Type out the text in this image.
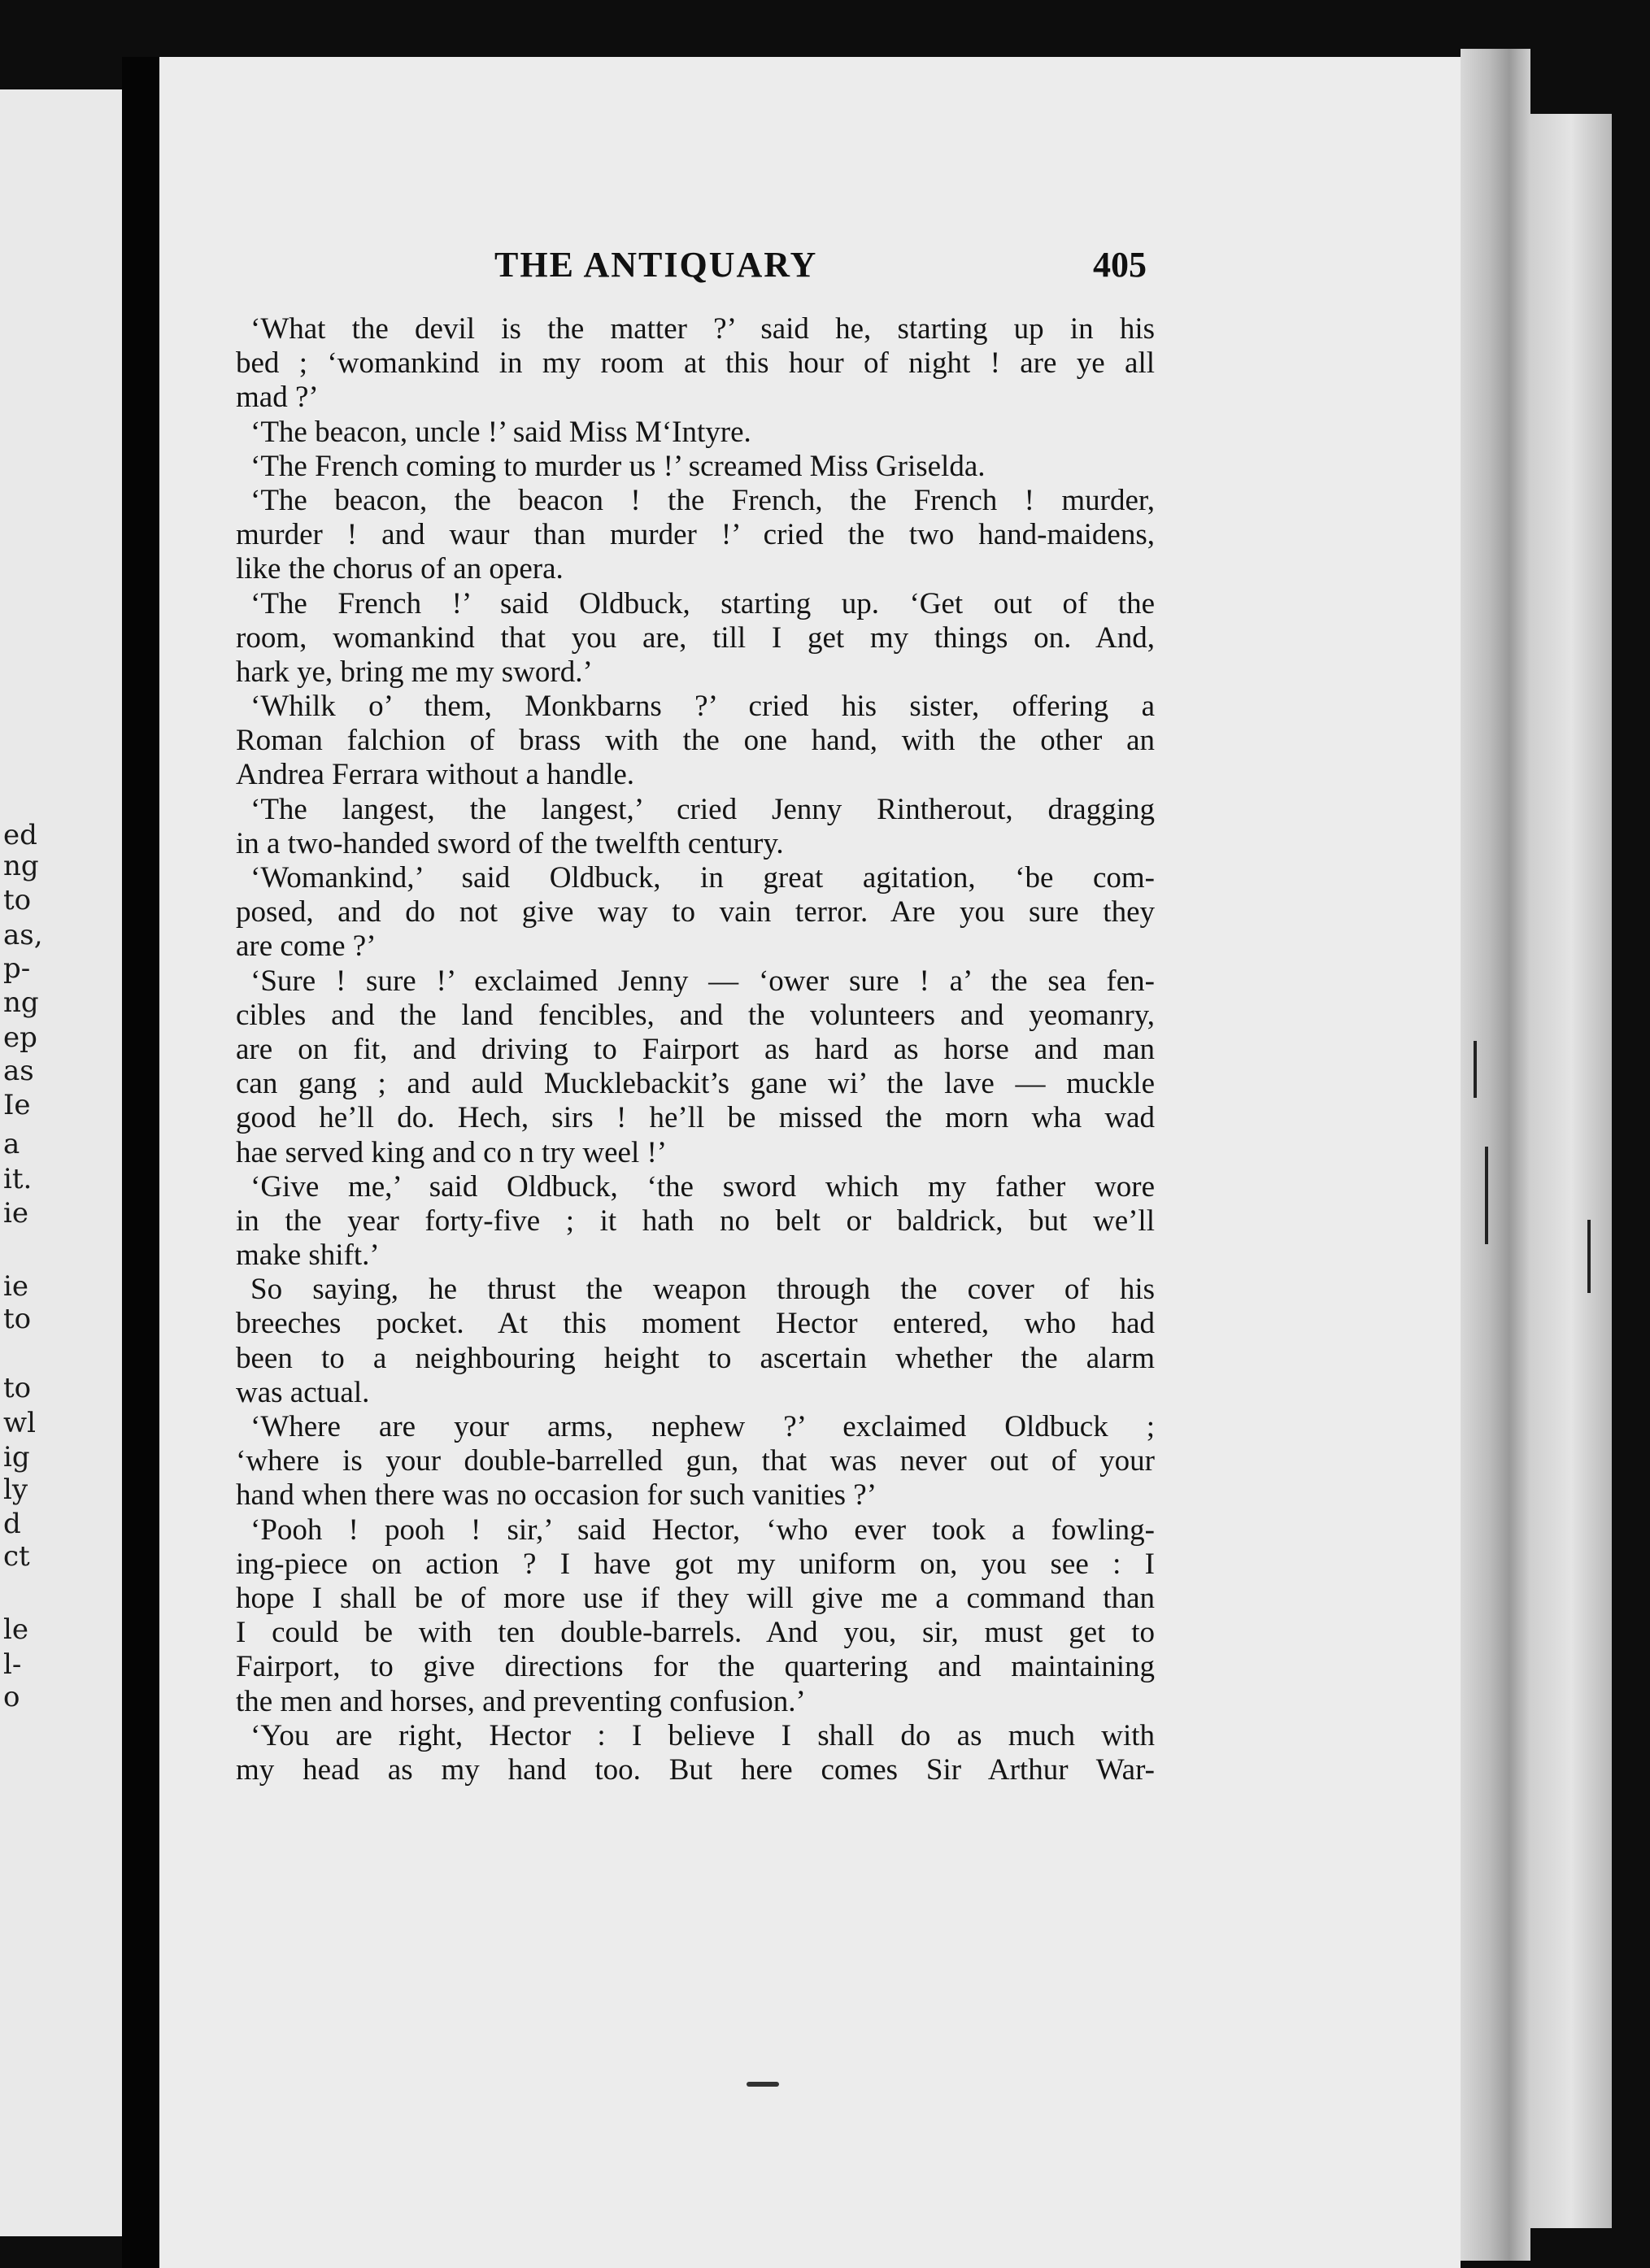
ed
ng
to
as,
p-
ng
ep
as
Ie
a
it.
ie
ie
to
to
wl
ig
ly
d
ct
le
l-
o
THE ANTIQUARY	405
‘What the devil is the matter ?’ said he, starting up in his
bed ; ‘womankind in my room at this hour of night ! are ye all
mad ?’
‘The beacon, uncle !’ said Miss M‘Intyre.
‘The French coming to murder us !’ screamed Miss Griselda.
‘The beacon, the beacon ! the French, the French ! murder,
murder ! and waur than murder !’ cried the two hand-maidens,
like the chorus of an opera.
‘The French !’ said Oldbuck, starting up. ‘Get out of the
room, womankind that you are, till I get my things on. And,
hark ye, bring me my sword.’
‘Whilk o’ them, Monkbarns ?’ cried his sister, offering a
Roman falchion of brass with the one hand, with the other an
Andrea Ferrara without a handle.
‘The langest, the langest,’ cried Jenny Rintherout, dragging
in a two-handed sword of the twelfth century.
‘Womankind,’ said Oldbuck, in great agitation, ‘be com-
posed, and do not give way to vain terror. Are you sure they
are come ?’
‘Sure ! sure !’ exclaimed Jenny — ‘ower sure ! a’ the sea fen-
cibles and the land fencibles, and the volunteers and yeomanry,
are on fit, and driving to Fairport as hard as horse and man
can gang ; and auld Mucklebackit’s gane wi’ the lave — muckle
good he’ll do. Hech, sirs ! he’ll be missed the morn wha wad
hae served king and co n try weel !’
‘Give me,’ said Oldbuck, ‘the sword which my father wore
in the year forty-five ; it hath no belt or baldrick, but we’ll
make shift.’
So saying, he thrust the weapon through the cover of his
breeches pocket. At this moment Hector entered, who had
been to a neighbouring height to ascertain whether the alarm
was actual.
‘Where are your arms, nephew ?’ exclaimed Oldbuck ;
‘where is your double-barrelled gun, that was never out of your
hand when there was no occasion for such vanities ?’
‘Pooh ! pooh ! sir,’ said Hector, ‘who ever took a fowling-
ing-piece on action ? I have got my uniform on, you see : I
hope I shall be of more use if they will give me a command than
I could be with ten double-barrels. And you, sir, must get to
Fairport, to give directions for the quartering and maintaining
the men and horses, and preventing confusion.’
‘You are right, Hector : I believe I shall do as much with
my head as my hand too. But here comes Sir Arthur War-
